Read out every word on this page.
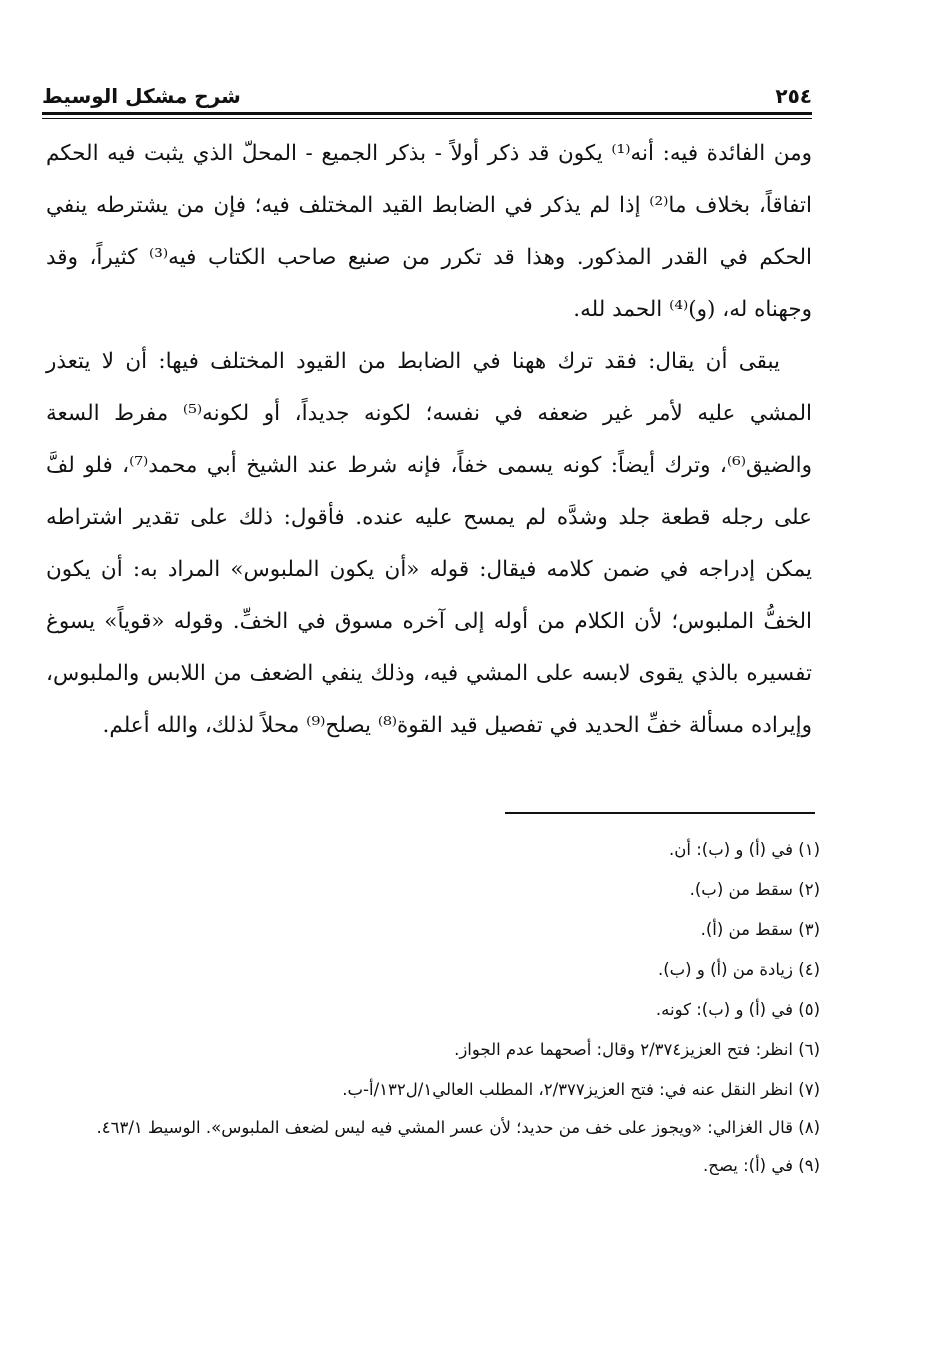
٢٥٤
شرح مشكل الوسيط

ومن الفائدة فيه: أنه⁽¹⁾ يكون قد ذكر أولاً - بذكر الجميع - المحلّ الذي يثبت فيه الحكم اتفاقاً، بخلاف ما⁽²⁾ إذا لم يذكر في الضابط القيد المختلف فيه؛ فإن من يشترطه ينفي الحكم في القدر المذكور. وهذا قد تكرر من صنيع صاحب الكتاب فيه⁽³⁾ كثيراً، وقد وجهناه له، (و)⁽⁴⁾ الحمد لله.

يبقى أن يقال: فقد ترك ههنا في الضابط من القيود المختلف فيها: أن لا يتعذر المشي عليه لأمر غير ضعفه في نفسه؛ لكونه جديداً، أو لكونه⁽⁵⁾ مفرط السعة والضيق⁽⁶⁾، وترك أيضاً: كونه يسمى خفاً، فإنه شرط عند الشيخ أبي محمد⁽⁷⁾، فلو لفَّ على رجله قطعة جلد وشدَّه لم يمسح عليه عنده. فأقول: ذلك على تقدير اشتراطه يمكن إدراجه في ضمن كلامه فيقال: قوله «أن يكون الملبوس» المراد به: أن يكون الخفُّ الملبوس؛ لأن الكلام من أوله إلى آخره مسوق في الخفِّ. وقوله «قوياً» يسوغ تفسيره بالذي يقوى لابسه على المشي فيه، وذلك ينفي الضعف من اللابس والملبوس، وإيراده مسألة خفِّ الحديد في تفصيل قيد القوة⁽⁸⁾ يصلح⁽⁹⁾ محلاً لذلك، والله أعلم.

(١) في (أ) و (ب): أن.

(٢) سقط من (ب).

(٣) سقط من (أ).

(٤) زيادة من (أ) و (ب).

(٥) في (أ) و (ب): كونه.

(٦) انظر: فتح العزيز٢/٣٧٤ وقال: أصحهما عدم الجواز.

(٧) انظر النقل عنه في: فتح العزيز٢/٣٧٧، المطلب العالي١/ل١٣٢/أ-ب.

(٨) قال الغزالي: «ويجوز على خف من حديد؛ لأن عسر المشي فيه ليس لضعف الملبوس». الوسيط ٤٦٣/١.

(٩) في (أ): يصح.
